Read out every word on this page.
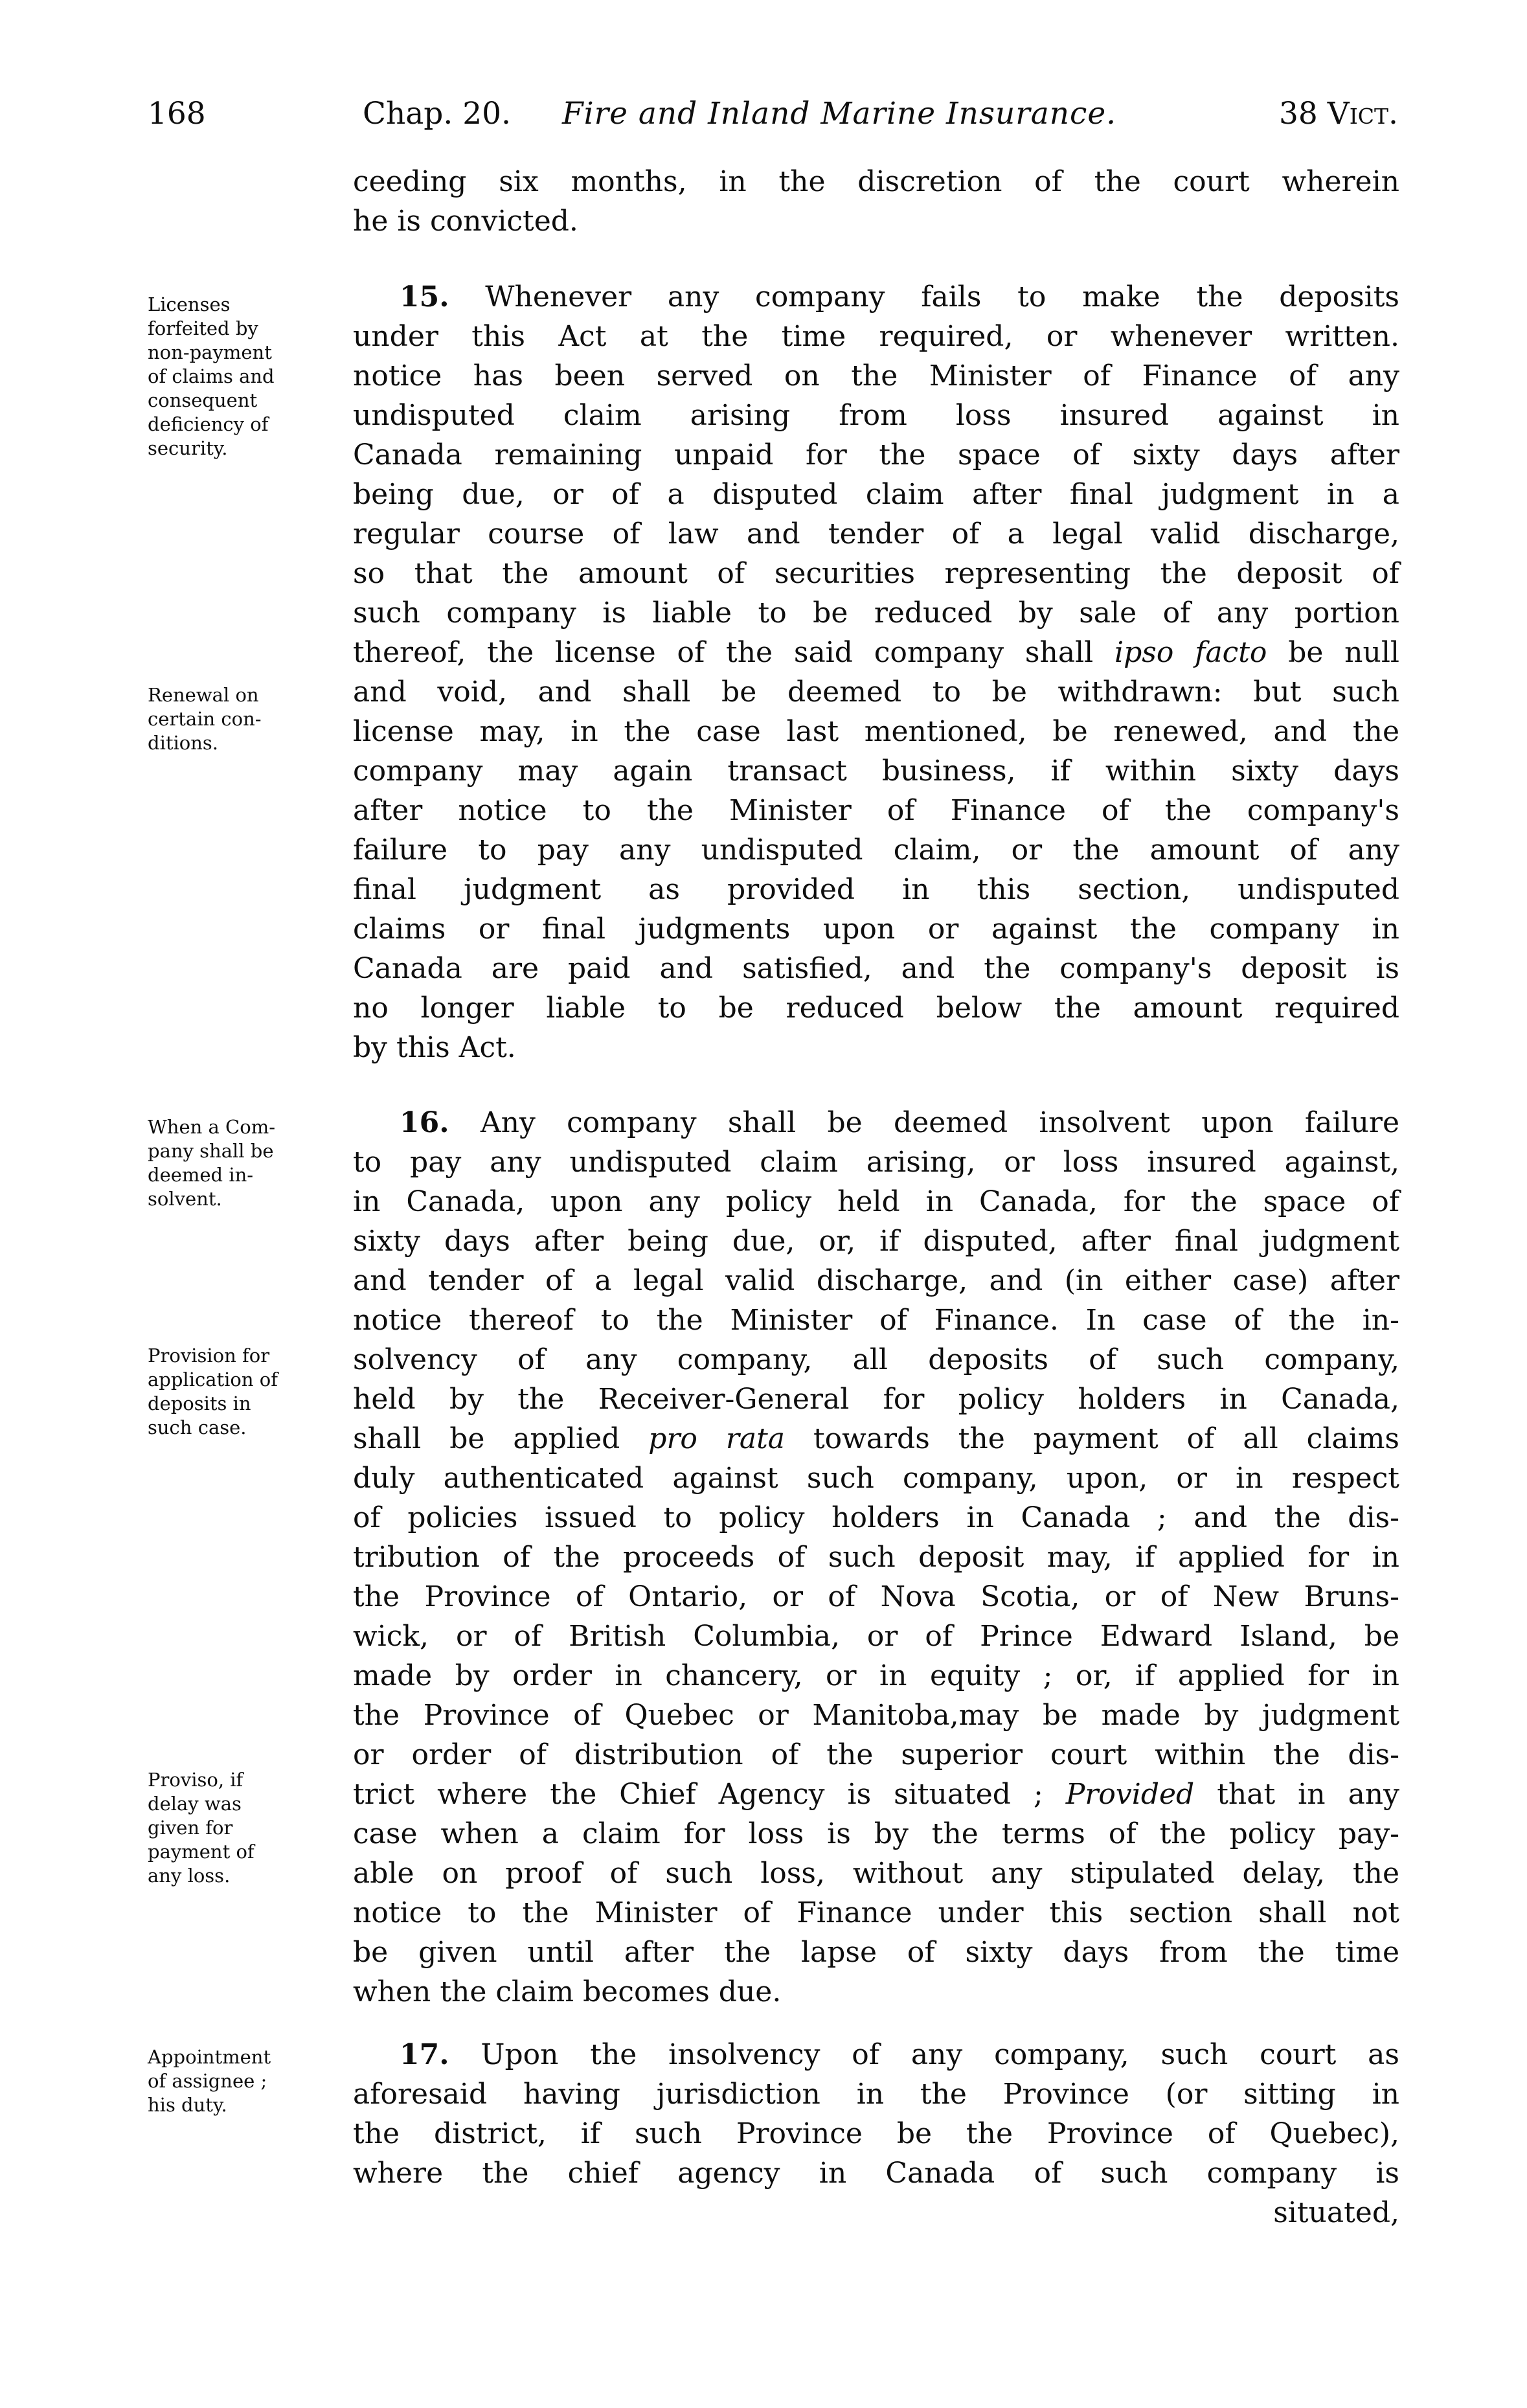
168	Chap. 20. Fire and Inland Marine Insurance.	38 Vict.
ceeding six months, in the discretion of the court wherein
he is convicted.
Licenses
forfeited by
non-payment
of claims and
consequent
deficiency of
security.
Renewal on
certain con-
ditions.
15. Whenever any company fails to make the deposits
under this Act at the time required, or whenever written.
notice has been served on the Minister of Finance of any
undisputed claim arising from loss insured against in
Canada remaining unpaid for the space of sixty days after
being due, or of a disputed claim after final judgment in a
regular course of law and tender of a legal valid discharge,
so that the amount of securities representing the deposit of
such company is liable to be reduced by sale of any portion
thereof, the license of the said company shall ipso facto be null
and void, and shall be deemed to be withdrawn: but such
license may, in the case last mentioned, be renewed, and the
company may again transact business, if within sixty days
after notice to the Minister of Finance of the company's
failure to pay any undisputed claim, or the amount of any
final judgment as provided in this section, undisputed
claims or final judgments upon or against the company in
Canada are paid and satisfied, and the company's deposit is
no longer liable to be reduced below the amount required
by this Act.
When a Com-
pany shall be
deemed in-
solvent.
Provision for
application of
deposits in
such case.
Proviso, if
delay was
given for
payment of
any loss.
16. Any company shall be deemed insolvent upon failure
to pay any undisputed claim arising, or loss insured against,
in Canada, upon any policy held in Canada, for the space of
sixty days after being due, or, if disputed, after final judgment
and tender of a legal valid discharge, and (in either case) after
notice thereof to the Minister of Finance. In case of the in-
solvency of any company, all deposits of such company,
held by the Receiver-General for policy holders in Canada,
shall be applied pro rata towards the payment of all claims
duly authenticated against such company, upon, or in respect
of policies issued to policy holders in Canada ; and the dis-
tribution of the proceeds of such deposit may, if applied for in
the Province of Ontario, or of Nova Scotia, or of New Bruns-
wick, or of British Columbia, or of Prince Edward Island, be
made by order in chancery, or in equity ; or, if applied for in
the Province of Quebec or Manitoba,may be made by judgment
or order of distribution of the superior court within the dis-
trict where the Chief Agency is situated ; Provided that in any
case when a claim for loss is by the terms of the policy pay-
able on proof of such loss, without any stipulated delay, the
notice to the Minister of Finance under this section shall not
be given until after the lapse of sixty days from the time
when the claim becomes due.
Appointment
of assignee ;
his duty.
17. Upon the insolvency of any company, such court as
aforesaid having jurisdiction in the Province (or sitting in
the district, if such Province be the Province of Quebec),
where the chief agency in Canada of such company is
situated,
